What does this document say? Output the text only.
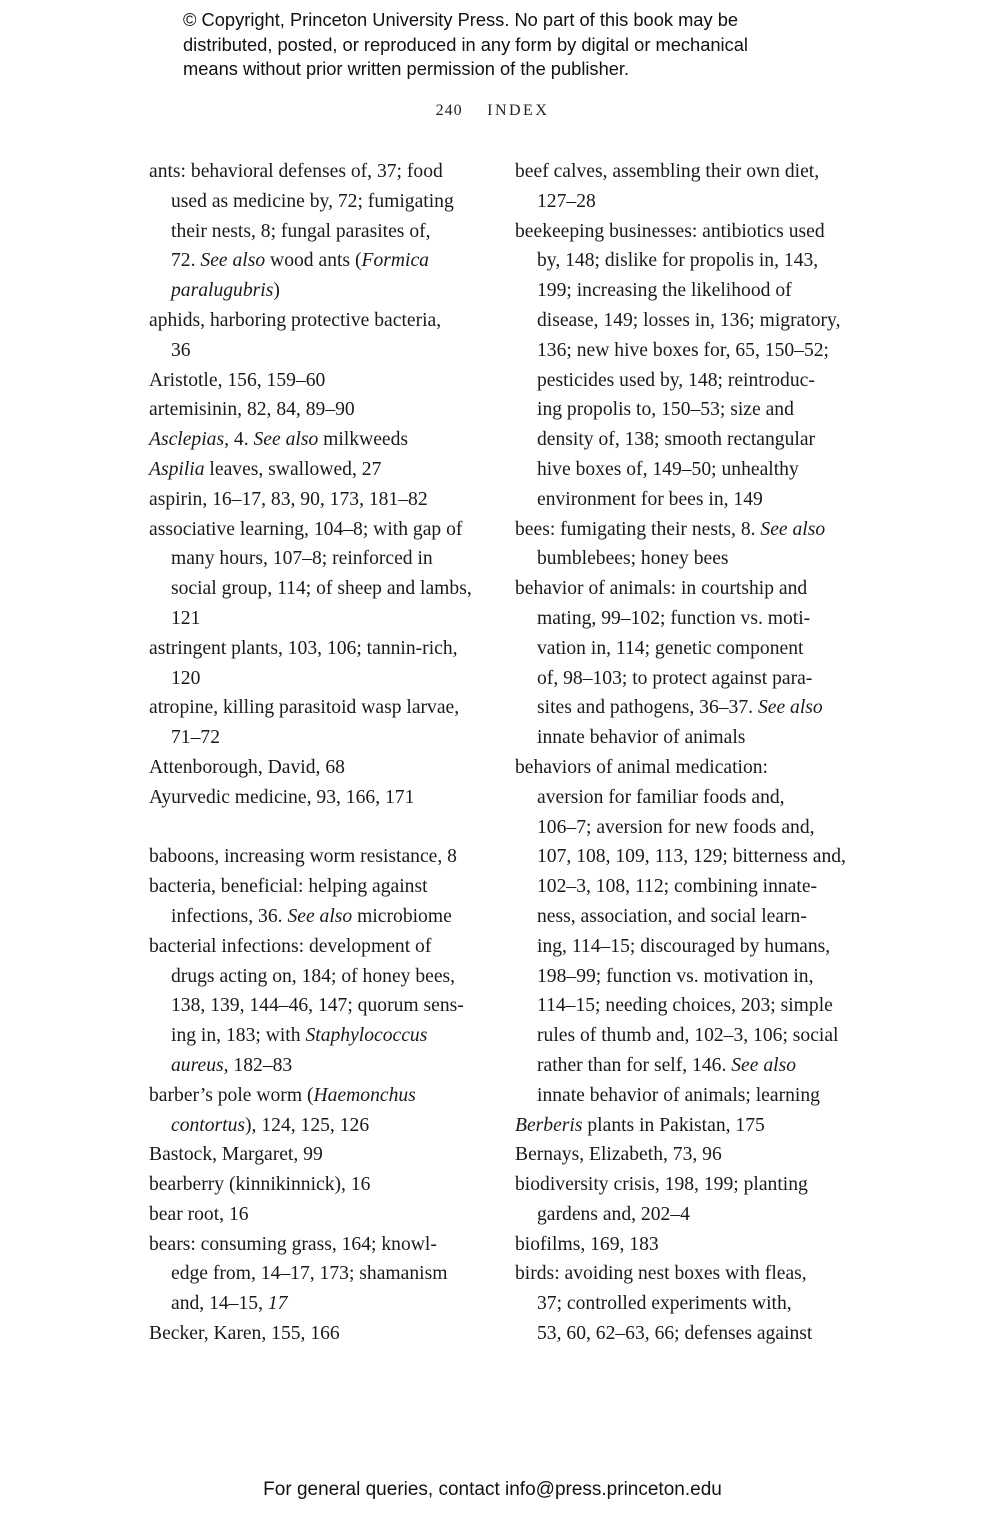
© Copyright, Princeton University Press. No part of this book may be
distributed, posted, or reproduced in any form by digital or mechanical
means without prior written permission of the publisher.
240 INDEX
ants: behavioral defenses of, 37; food
used as medicine by, 72; fumigating
their nests, 8; fungal parasites of,
72. See also wood ants (Formica
paralugubris)
aphids, harboring protective bacteria,
36
Aristotle, 156, 159–60
artemisinin, 82, 84, 89–90
Asclepias, 4. See also milkweeds
Aspilia leaves, swallowed, 27
aspirin, 16–17, 83, 90, 173, 181–82
associative learning, 104–8; with gap of
many hours, 107–8; reinforced in
social group, 114; of sheep and lambs,
121
astringent plants, 103, 106; tannin-rich,
120
atropine, killing parasitoid wasp larvae,
71–72
Attenborough, David, 68
Ayurvedic medicine, 93, 166, 171
baboons, increasing worm resistance, 8
bacteria, beneficial: helping against
infections, 36. See also microbiome
bacterial infections: development of
drugs acting on, 184; of honey bees,
138, 139, 144–46, 147; quorum sens-
ing in, 183; with Staphylococcus
aureus, 182–83
barber’s pole worm (Haemonchus
contortus), 124, 125, 126
Bastock, Margaret, 99
bearberry (kinnikinnick), 16
bear root, 16
bears: consuming grass, 164; knowl-
edge from, 14–17, 173; shamanism
and, 14–15, 17
Becker, Karen, 155, 166
beef calves, assembling their own diet,
127–28
beekeeping businesses: antibiotics used
by, 148; dislike for propolis in, 143,
199; increasing the likelihood of
disease, 149; losses in, 136; migratory,
136; new hive boxes for, 65, 150–52;
pesticides used by, 148; reintroduc-
ing propolis to, 150–53; size and
density of, 138; smooth rectangular
hive boxes of, 149–50; unhealthy
environment for bees in, 149
bees: fumigating their nests, 8. See also
bumblebees; honey bees
behavior of animals: in courtship and
mating, 99–102; function vs. moti-
vation in, 114; genetic component
of, 98–103; to protect against para-
sites and pathogens, 36–37. See also
innate behavior of animals
behaviors of animal medication:
aversion for familiar foods and,
106–7; aversion for new foods and,
107, 108, 109, 113, 129; bitterness and,
102–3, 108, 112; combining innate-
ness, association, and social learn-
ing, 114–15; discouraged by humans,
198–99; function vs. motivation in,
114–15; needing choices, 203; simple
rules of thumb and, 102–3, 106; social
rather than for self, 146. See also
innate behavior of animals; learning
Berberis plants in Pakistan, 175
Bernays, Elizabeth, 73, 96
biodiversity crisis, 198, 199; planting
gardens and, 202–4
biofilms, 169, 183
birds: avoiding nest boxes with fleas,
37; controlled experiments with,
53, 60, 62–63, 66; defenses against
For general queries, contact info@press.princeton.edu
